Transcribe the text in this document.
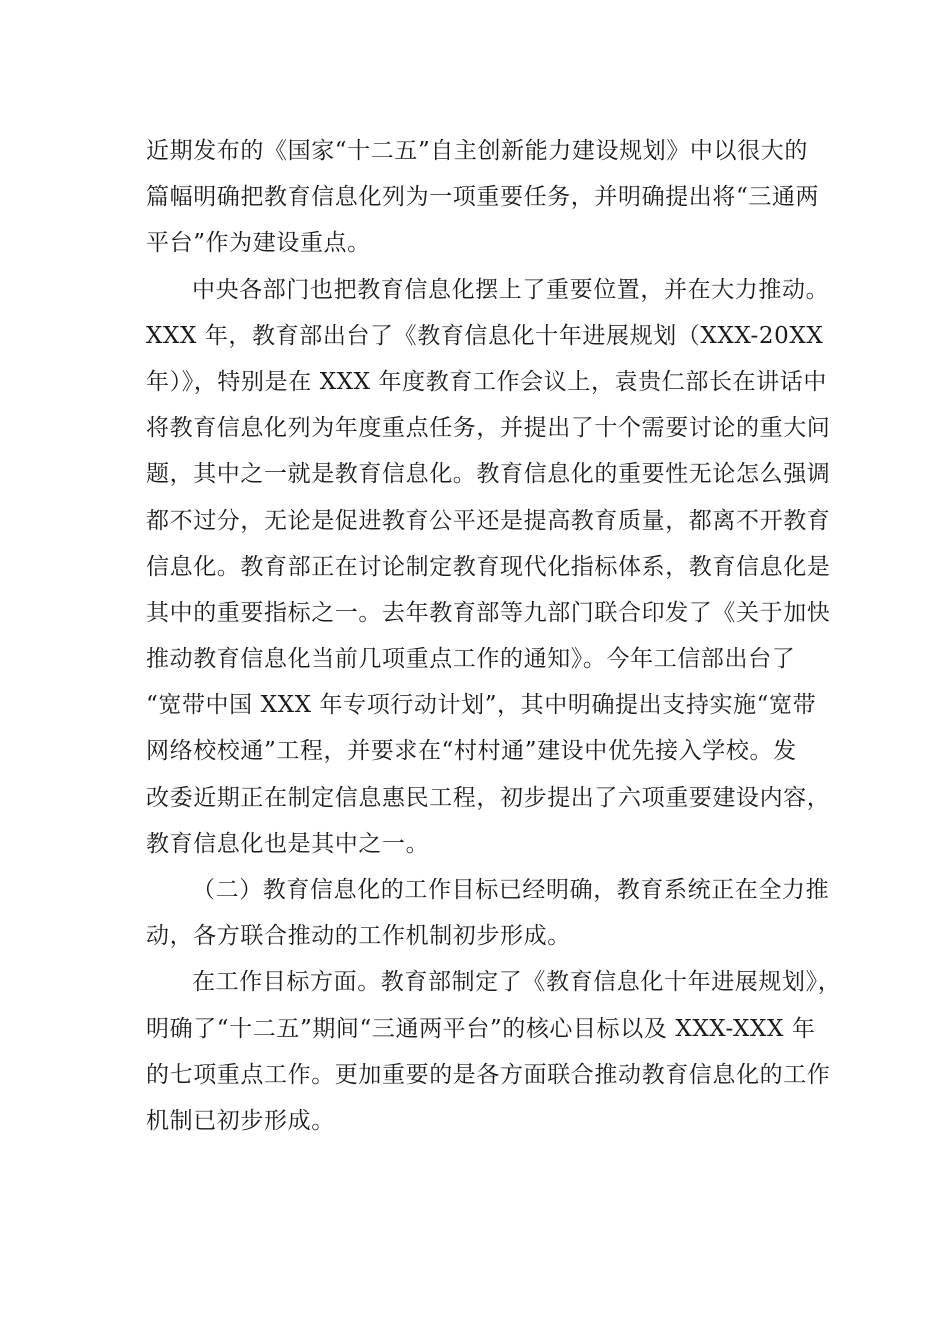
近期发布的《国家“十二五”自主创新能力建设规划》中以很大的
篇幅明确把教育信息化列为一项重要任务，并明确提出将“三通两
平台”作为建设重点。
中央各部门也把教育信息化摆上了重要位置，并在大力推动。
XXX 年，教育部出台了《教育信息化十年进展规划（XXX-20XX
年）》，特别是在 XXX 年度教育工作会议上，袁贵仁部长在讲话中
将教育信息化列为年度重点任务，并提出了十个需要讨论的重大问
题，其中之一就是教育信息化。教育信息化的重要性无论怎么强调
都不过分，无论是促进教育公平还是提高教育质量，都离不开教育
信息化。教育部正在讨论制定教育现代化指标体系，教育信息化是
其中的重要指标之一。去年教育部等九部门联合印发了《关于加快
推动教育信息化当前几项重点工作的通知》。今年工信部出台了
“宽带中国 XXX 年专项行动计划”，其中明确提出支持实施“宽带
网络校校通”工程，并要求在“村村通”建设中优先接入学校。发
改委近期正在制定信息惠民工程，初步提出了六项重要建设内容，
教育信息化也是其中之一。
（二）教育信息化的工作目标已经明确，教育系统正在全力推
动，各方联合推动的工作机制初步形成。
在工作目标方面。教育部制定了《教育信息化十年进展规划》，
明确了“十二五”期间“三通两平台”的核心目标以及 XXX-XXX 年
的七项重点工作。更加重要的是各方面联合推动教育信息化的工作
机制已初步形成。
